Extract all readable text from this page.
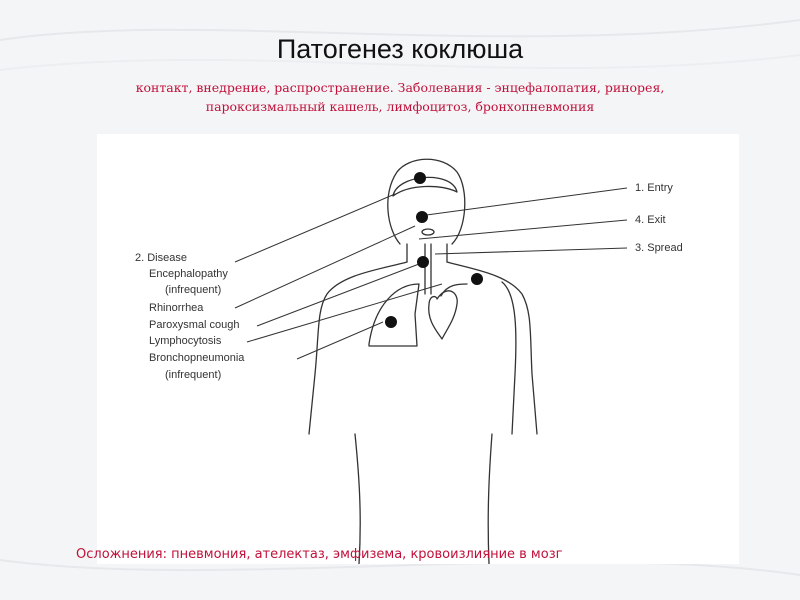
Патогенез коклюша
контакт, внедрение, распространение. Заболевания - энцефалопатия, ринорея, пароксизмальный кашель, лимфоцитоз, бронхопневмония
1. Entry
4. Exit
3. Spread
2. Disease
Encephalopathy
(infrequent)
Rhinorrhea
Paroxysmal cough
Lymphocytosis
Bronchopneumonia
(infrequent)
Осложнения: пневмония, ателектаз, эмфизема, кровоизлияние в мозг
